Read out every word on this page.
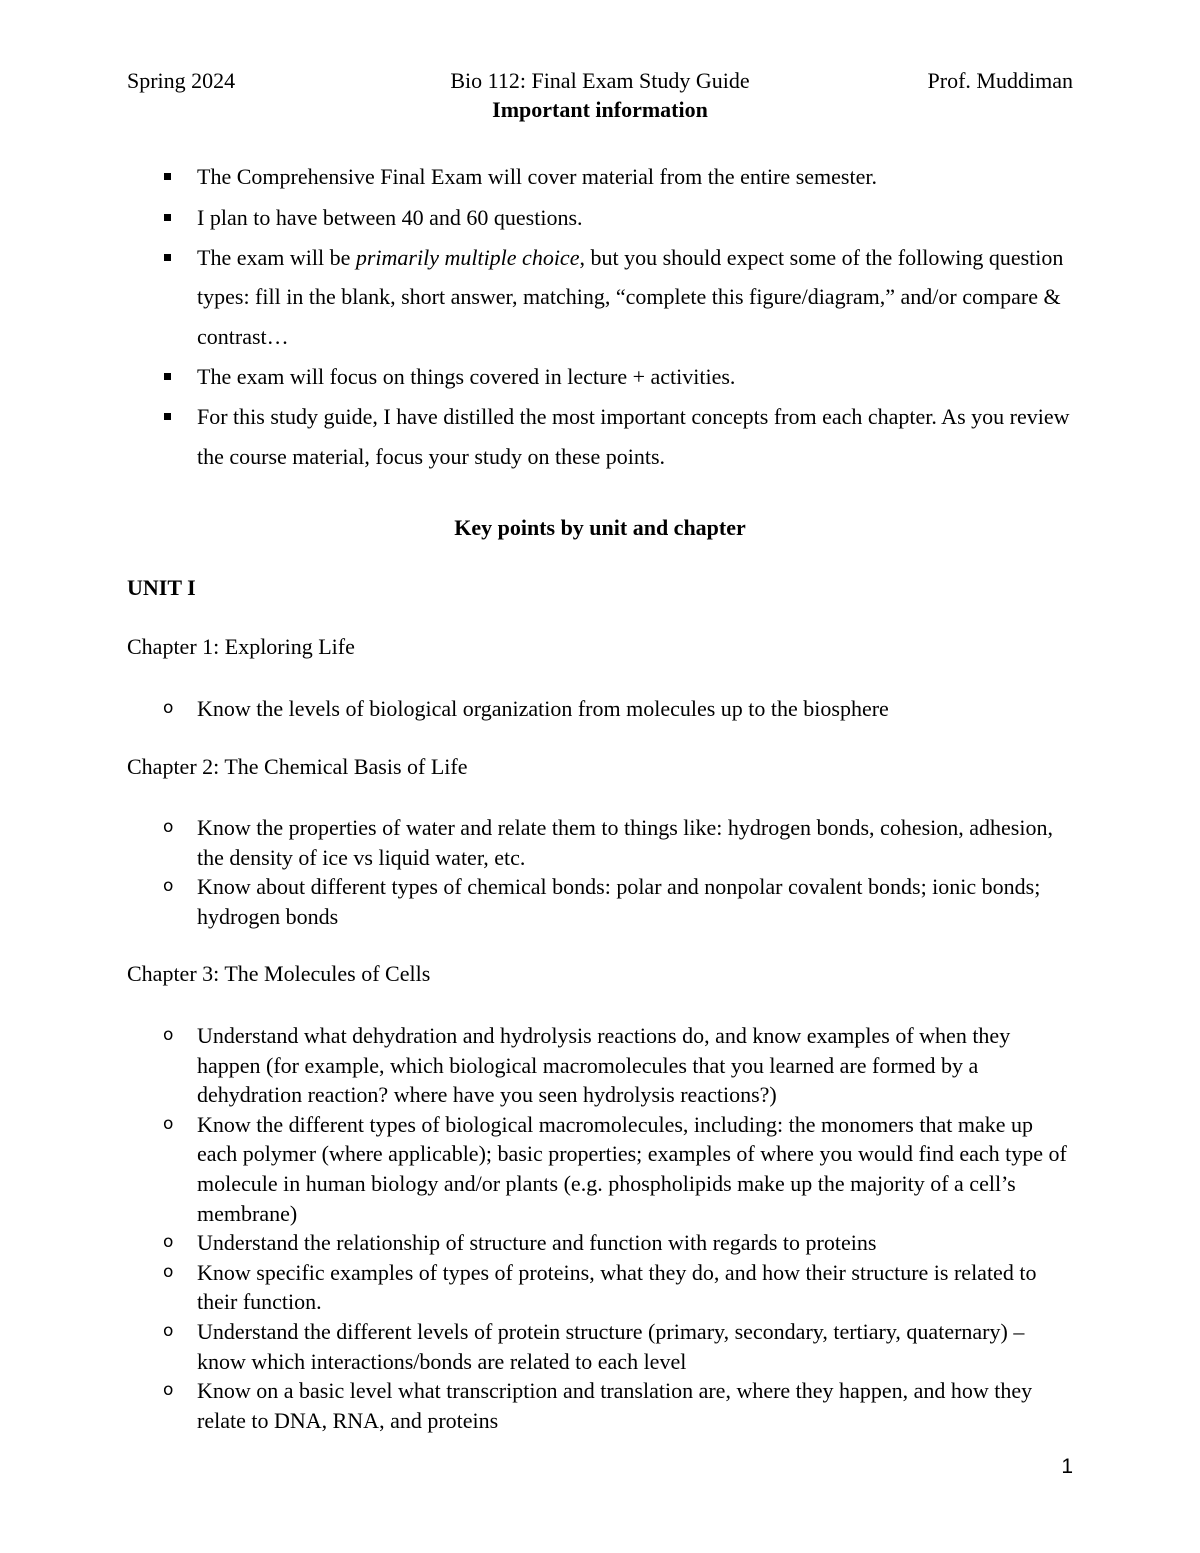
Spring 2024	Bio 112: Final Exam Study Guide	Prof. Muddiman
Important information
The Comprehensive Final Exam will cover material from the entire semester.
I plan to have between 40 and 60 questions.
The exam will be primarily multiple choice, but you should expect some of the following question types: fill in the blank, short answer, matching, “complete this figure/diagram,” and/or compare & contrast…
The exam will focus on things covered in lecture + activities.
For this study guide, I have distilled the most important concepts from each chapter. As you review the course material, focus your study on these points.
Key points by unit and chapter
UNIT I
Chapter 1: Exploring Life
o Know the levels of biological organization from molecules up to the biosphere
Chapter 2: The Chemical Basis of Life
o Know the properties of water and relate them to things like: hydrogen bonds, cohesion, adhesion, the density of ice vs liquid water, etc.
o Know about different types of chemical bonds: polar and nonpolar covalent bonds; ionic bonds; hydrogen bonds
Chapter 3: The Molecules of Cells
o Understand what dehydration and hydrolysis reactions do, and know examples of when they happen (for example, which biological macromolecules that you learned are formed by a dehydration reaction? where have you seen hydrolysis reactions?)
o Know the different types of biological macromolecules, including: the monomers that make up each polymer (where applicable); basic properties; examples of where you would find each type of molecule in human biology and/or plants (e.g. phospholipids make up the majority of a cell’s membrane)
o Understand the relationship of structure and function with regards to proteins
o Know specific examples of types of proteins, what they do, and how their structure is related to their function.
o Understand the different levels of protein structure (primary, secondary, tertiary, quaternary) – know which interactions/bonds are related to each level
o Know on a basic level what transcription and translation are, where they happen, and how they relate to DNA, RNA, and proteins
1
